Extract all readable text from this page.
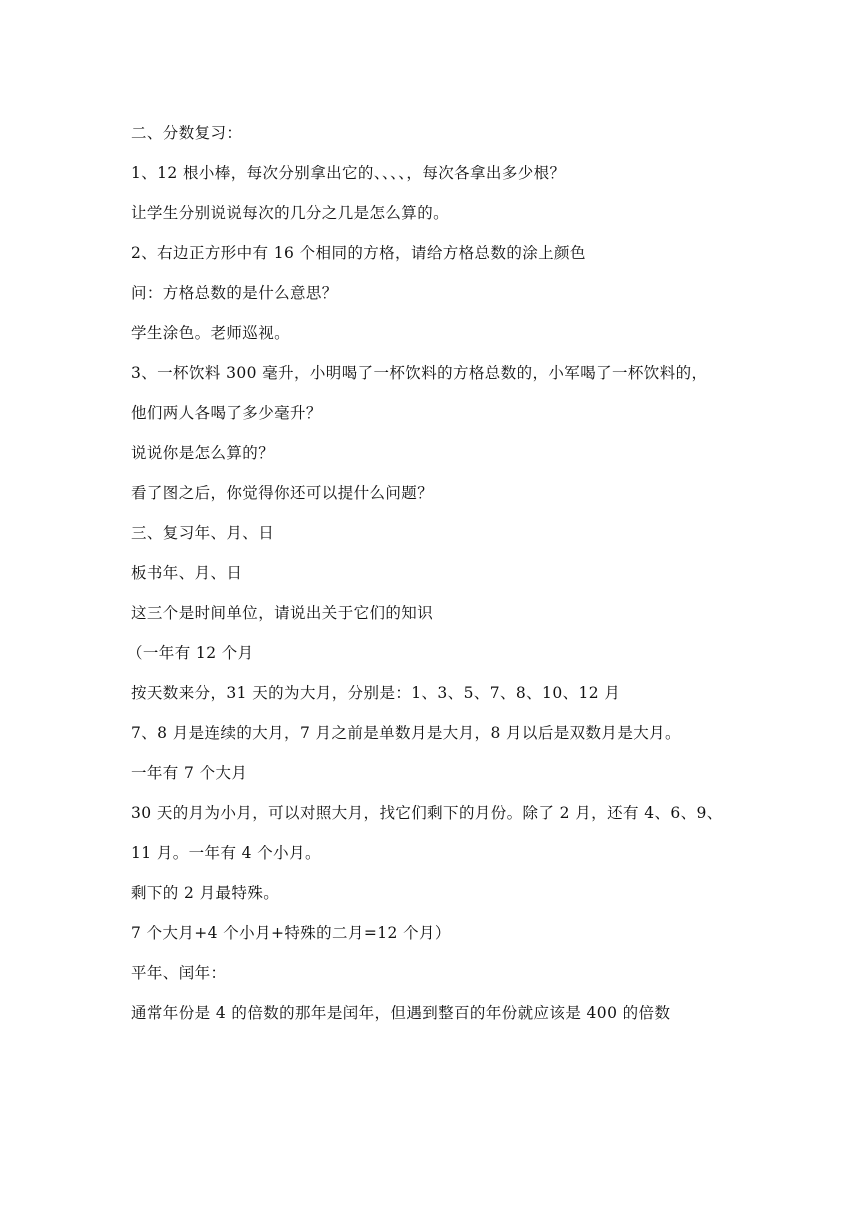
二、分数复习：
1、12 根小棒，每次分别拿出它的、、、、，每次各拿出多少根？
让学生分别说说每次的几分之几是怎么算的。
2、右边正方形中有 16 个相同的方格，请给方格总数的涂上颜色
问：方格总数的是什么意思？
学生涂色。老师巡视。
3、一杯饮料 300 毫升，小明喝了一杯饮料的方格总数的，小军喝了一杯饮料的，
他们两人各喝了多少毫升？
说说你是怎么算的？
看了图之后，你觉得你还可以提什么问题？
三、复习年、月、日
板书年、月、日
这三个是时间单位，请说出关于它们的知识
（一年有 12 个月
按天数来分，31 天的为大月，分别是：1、3、5、7、8、10、12 月
7、8 月是连续的大月，7 月之前是单数月是大月，8 月以后是双数月是大月。
一年有 7 个大月
30 天的月为小月，可以对照大月，找它们剩下的月份。除了 2 月，还有 4、6、9、
11 月。一年有 4 个小月。
剩下的 2 月最特殊。
7 个大月+4 个小月+特殊的二月=12 个月）
平年、闰年：
通常年份是 4 的倍数的那年是闰年，但遇到整百的年份就应该是 400 的倍数
